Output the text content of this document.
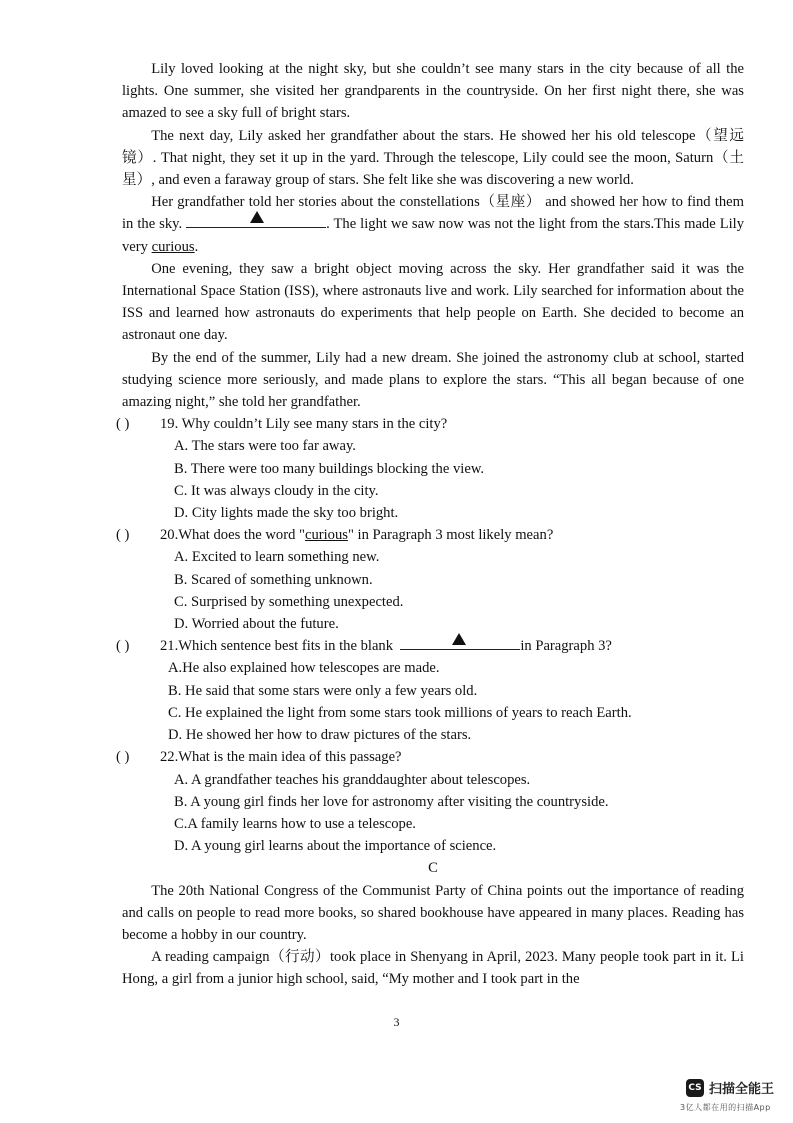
Lily loved looking at the night sky, but she couldn’t see many stars in the city because of all the lights. One summer, she visited her grandparents in the countryside. On her first night there, she was amazed to see a sky full of bright stars.

The next day, Lily asked her grandfather about the stars. He showed her his old telescope（望远镜）. That night, they set it up in the yard. Through the telescope, Lily could see the moon, Saturn（土星）, and even a faraway group of stars. She felt like she was discovering a new world.

Her grandfather told her stories about the constellations（星座） and showed her how to find them in the sky.	. The light we saw now was not the light from the stars.This made Lily very curious.

One evening, they saw a bright object moving across the sky. Her grandfather said it was the International Space Station (ISS), where astronauts live and work. Lily searched for information about the ISS and learned how astronauts do experiments that help people on Earth. She decided to become an astronaut one day.

By the end of the summer, Lily had a new dream. She joined the astronomy club at school, started studying science more seriously, and made plans to explore the stars. “This all began because of one amazing night,” she told her grandfather.

( ) 19. Why couldn’t Lily see many stars in the city?

A. The stars were too far away.

B. There were too many buildings blocking the view.

C. It was always cloudy in the city.

D. City lights made the sky too bright.

( ) 20.What does the word "curious" in Paragraph 3 most likely mean?

A. Excited to learn something new.

B. Scared of something unknown.

C. Surprised by something unexpected.

D. Worried about the future.

( ) 21.Which sentence best fits in the blank	in Paragraph 3?

A.He also explained how telescopes are made.

B. He said that some stars were only a few years old.

C. He explained the light from some stars took millions of years to reach Earth.

D. He showed her how to draw pictures of the stars.

( ) 22.What is the main idea of this passage?

A. A grandfather teaches his granddaughter about telescopes.

B. A young girl finds her love for astronomy after visiting the countryside.

C.A family learns how to use a telescope.

D. A young girl learns about the importance of science.

C

The 20th National Congress of the Communist Party of China points out the importance of reading and calls on people to read more books, so shared bookhouse have appeared in many places. Reading has become a hobby in our country.

A reading campaign（行动）took place in Shenyang in April, 2023. Many people took part in it. Li Hong, a girl from a junior high school, said, “My mother and I took part in the

3
CS 扫描全能王
3亿人都在用的扫描App
